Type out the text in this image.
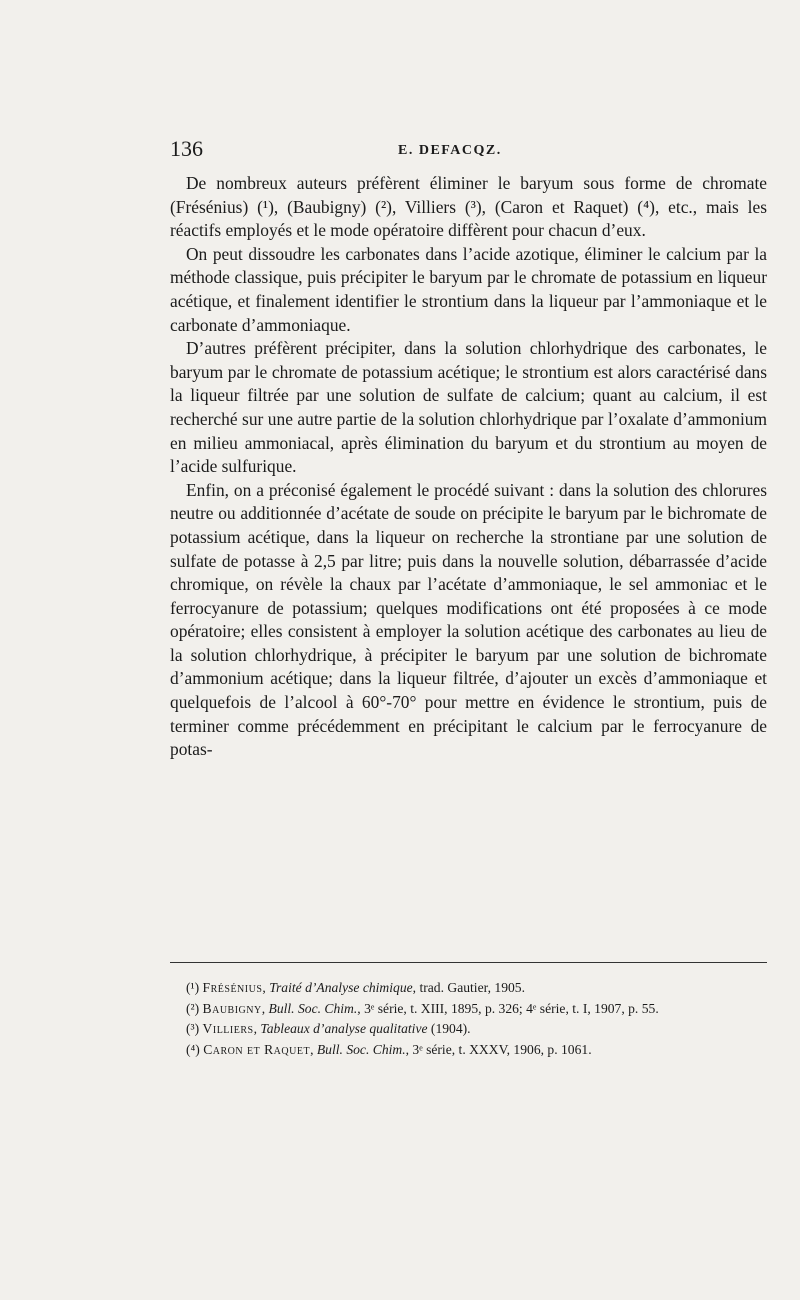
136	E. DEFACQZ.

De nombreux auteurs préfèrent éliminer le baryum sous forme de chromate (Frésénius) (¹), (Baubigny) (²), Villiers (³), (Caron et Raquet) (⁴), etc., mais les réactifs employés et le mode opératoire diffèrent pour chacun d’eux.

On peut dissoudre les carbonates dans l’acide azotique, éliminer le calcium par la méthode classique, puis précipiter le baryum par le chromate de potassium en liqueur acétique, et finalement identifier le strontium dans la liqueur par l’ammoniaque et le carbonate d’ammoniaque.

D’autres préfèrent précipiter, dans la solution chlorhydrique des carbonates, le baryum par le chromate de potassium acétique; le strontium est alors caractérisé dans la liqueur filtrée par une solution de sulfate de calcium; quant au calcium, il est recherché sur une autre partie de la solution chlorhydrique par l’oxalate d’ammonium en milieu ammoniacal, après élimination du baryum et du strontium au moyen de l’acide sulfurique.

Enfin, on a préconisé également le procédé suivant : dans la solution des chlorures neutre ou additionnée d’acétate de soude on précipite le baryum par le bichromate de potassium acétique, dans la liqueur on recherche la strontiane par une solution de sulfate de potasse à 2,5 par litre; puis dans la nouvelle solution, débarrassée d’acide chromique, on révèle la chaux par l’acétate d’ammoniaque, le sel ammoniac et le ferrocyanure de potassium; quelques modifications ont été proposées à ce mode opératoire; elles consistent à employer la solution acétique des carbonates au lieu de la solution chlorhydrique, à précipiter le baryum par une solution de bichromate d’ammonium acétique; dans la liqueur filtrée, d’ajouter un excès d’ammoniaque et quelquefois de l’alcool à 60°-70° pour mettre en évidence le strontium, puis de terminer comme précédemment en précipitant le calcium par le ferrocyanure de potas-

(¹) Frésénius, Traité d’Analyse chimique, trad. Gautier, 1905.

(²) Baubigny, Bull. Soc. Chim., 3ᵉ série, t. XIII, 1895, p. 326; 4ᵉ série, t. I, 1907, p. 55.

(³) Villiers, Tableaux d’analyse qualitative (1904).

(⁴) Caron et Raquet, Bull. Soc. Chim., 3ᵉ série, t. XXXV, 1906, p. 1061.
